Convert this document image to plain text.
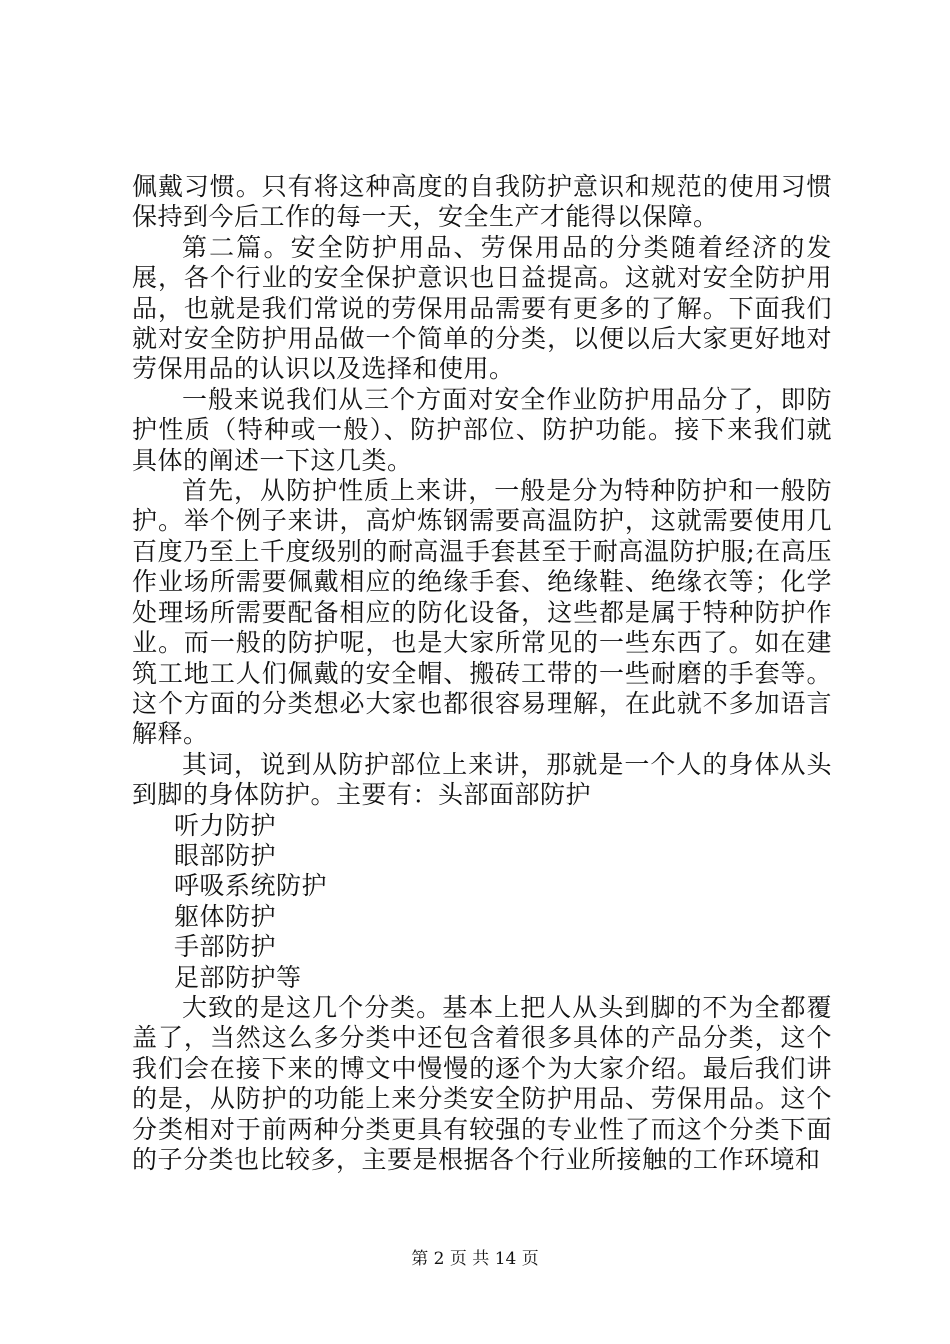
佩戴习惯。只有将这种高度的自我防护意识和规范的使用习惯保持到今后工作的每一天，安全生产才能得以保障。

第二篇。安全防护用品、劳保用品的分类随着经济的发展，各个行业的安全保护意识也日益提高。这就对安全防护用品，也就是我们常说的劳保用品需要有更多的了解。下面我们就对安全防护用品做一个简单的分类，以便以后大家更好地对劳保用品的认识以及选择和使用。

一般来说我们从三个方面对安全作业防护用品分了，即防护性质（特种或一般）、防护部位、防护功能。接下来我们就具体的阐述一下这几类。

首先，从防护性质上来讲，一般是分为特种防护和一般防护。举个例子来讲，高炉炼钢需要高温防护，这就需要使用几百度乃至上千度级别的耐高温手套甚至于耐高温防护服;在高压作业场所需要佩戴相应的绝缘手套、绝缘鞋、绝缘衣等；化学处理场所需要配备相应的防化设备，这些都是属于特种防护作业。而一般的防护呢，也是大家所常见的一些东西了。如在建筑工地工人们佩戴的安全帽、搬砖工带的一些耐磨的手套等。这个方面的分类想必大家也都很容易理解，在此就不多加语言解释。

其词，说到从防护部位上来讲，那就是一个人的身体从头到脚的身体防护。主要有：头部面部防护

听力防护

眼部防护

呼吸系统防护

躯体防护

手部防护

足部防护等

大致的是这几个分类。基本上把人从头到脚的不为全都覆盖了，当然这么多分类中还包含着很多具体的产品分类，这个我们会在接下来的博文中慢慢的逐个为大家介绍。最后我们讲的是，从防护的功能上来分类安全防护用品、劳保用品。这个分类相对于前两种分类更具有较强的专业性了而这个分类下面的子分类也比较多，主要是根据各个行业所接触的工作环境和

第 2 页 共 14 页
